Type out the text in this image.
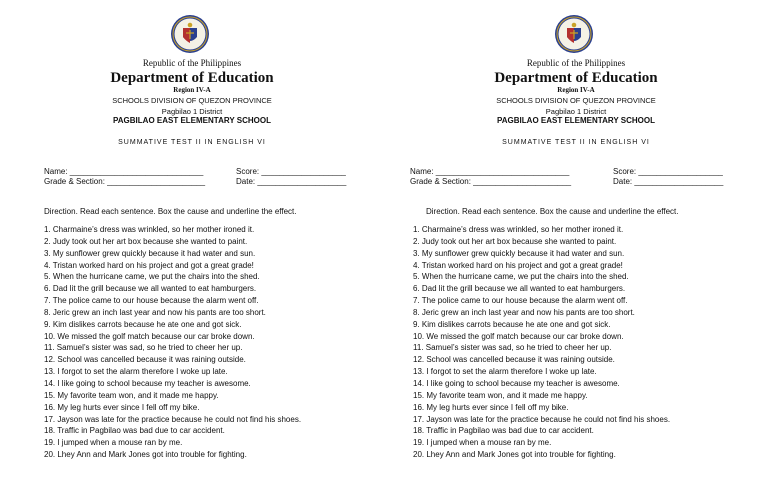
Republic of the Philippines
Department of Education
Region IV-A
SCHOOLS DIVISION OF QUEZON PROVINCE
Pagbilao 1 District
PAGBILAO EAST ELEMENTARY SCHOOL
SUMMATIVE TEST II IN ENGLISH VI
Name: ______________________________	Score: ___________________
Grade & Section: ______________________	Date: ____________________
Direction. Read each sentence. Box the cause and underline the effect.
1. Charmaine’s dress was wrinkled, so her mother ironed it.
2. Judy took out her art box because she wanted to paint.
3. My sunflower grew quickly because it had water and sun.
4. Tristan worked hard on his project and got a great grade!
5. When the hurricane came, we put the chairs into the shed.
6. Dad lit the grill because we all wanted to eat hamburgers.
7. The police came to our house because the alarm went off.
8. Jeric grew an inch last year and now his pants are too short.
9. Kim dislikes carrots because he ate one and got sick.
10. We missed the golf match because our car broke down.
11. Samuel’s sister was sad, so he tried to cheer her up.
12. School was cancelled because it was raining outside.
13. I forgot to set the alarm therefore I woke up late.
14. I like going to school because my teacher is awesome.
15. My favorite team won, and it made me happy.
16. My leg hurts ever since I fell off my bike.
17. Jayson was late for the practice because he could not find his shoes.
18. Traffic in Pagbilao was bad due to car accident.
19. I jumped when a mouse ran by me.
20. Lhey Ann and Mark Jones got into trouble for fighting.
Republic of the Philippines
Department of Education
Region IV-A
SCHOOLS DIVISION OF QUEZON PROVINCE
Pagbilao 1 District
PAGBILAO EAST ELEMENTARY SCHOOL
SUMMATIVE TEST II IN ENGLISH VI
Name: ______________________________	Score: ___________________
Grade & Section: ______________________	Date: ____________________
Direction. Read each sentence. Box the cause and underline the effect.
1. Charmaine’s dress was wrinkled, so her mother ironed it.
2. Judy took out her art box because she wanted to paint.
3. My sunflower grew quickly because it had water and sun.
4. Tristan worked hard on his project and got a great grade!
5. When the hurricane came, we put the chairs into the shed.
6. Dad lit the grill because we all wanted to eat hamburgers.
7. The police came to our house because the alarm went off.
8. Jeric grew an inch last year and now his pants are too short.
9. Kim dislikes carrots because he ate one and got sick.
10. We missed the golf match because our car broke down.
11. Samuel’s sister was sad, so he tried to cheer her up.
12. School was cancelled because it was raining outside.
13. I forgot to set the alarm therefore I woke up late.
14. I like going to school because my teacher is awesome.
15. My favorite team won, and it made me happy.
16. My leg hurts ever since I fell off my bike.
17. Jayson was late for the practice because he could not find his shoes.
18. Traffic in Pagbilao was bad due to car accident.
19. I jumped when a mouse ran by me.
20. Lhey Ann and Mark Jones got into trouble for fighting.
